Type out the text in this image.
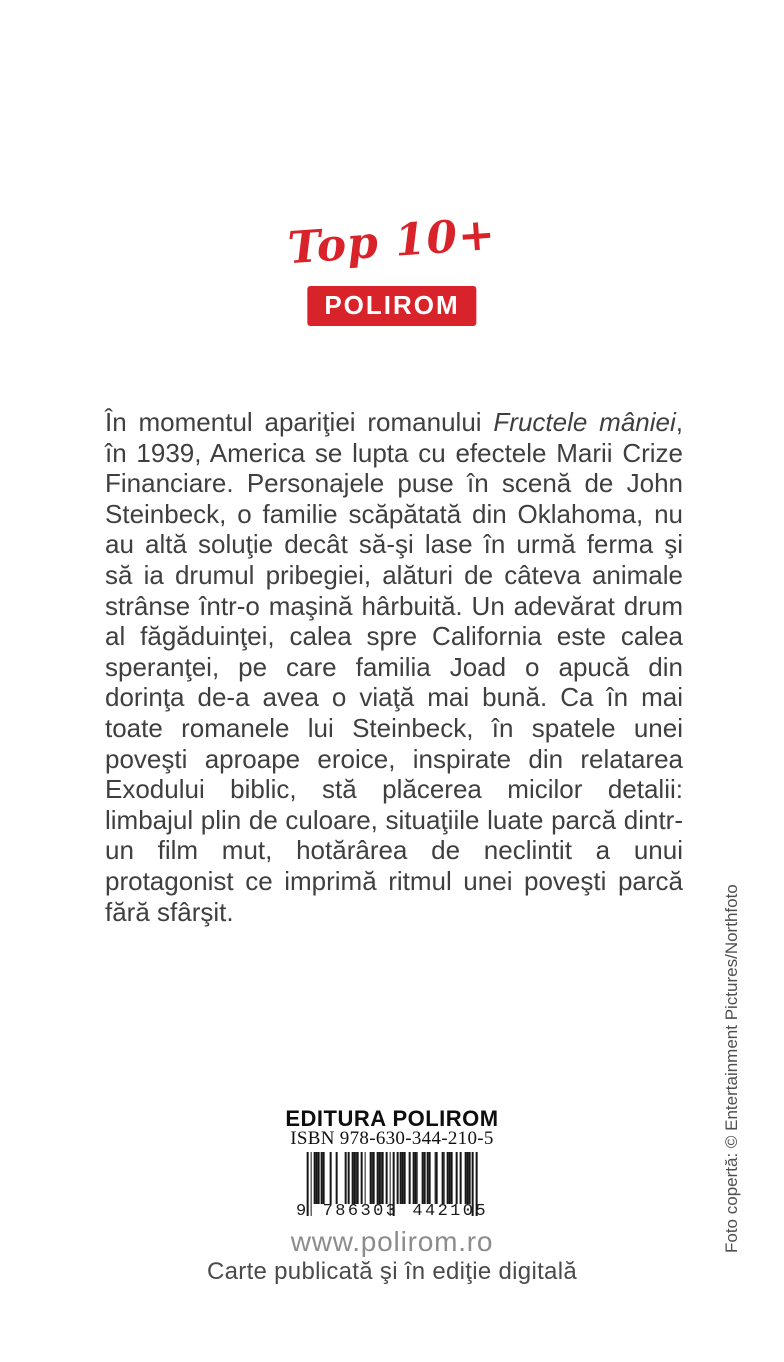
Top 10+
POLIROM

În momentul apariţiei romanului Fructele mâniei, în 1939, America se lupta cu efectele Marii Crize Financiare. Personajele puse în scenă de John Steinbeck, o familie scăpătată din Oklahoma, nu au altă soluţie decât să-şi lase în urmă ferma şi să ia drumul pribegiei, alături de câteva animale strânse într-o maşină hârbuită. Un adevărat drum al făgăduinţei, calea spre California este calea speranţei, pe care familia Joad o apucă din dorinţa de-a avea o viaţă mai bună. Ca în mai toate romanele lui Steinbeck, în spatele unei poveşti aproape eroice, inspirate din relatarea Exodului biblic, stă plăcerea micilor detalii: limbajul plin de culoare, situaţiile luate parcă dintr-un film mut, hotărârea de neclintit a unui protagonist ce imprimă ritmul unei poveşti parcă fără sfârşit.

EDITURA POLIROM
ISBN 978-630-344-210-5
9 786303 442105
www.polirom.ro
Carte publicată şi în ediţie digitală
Foto copertă: © Entertainment Pictures/Northfoto
